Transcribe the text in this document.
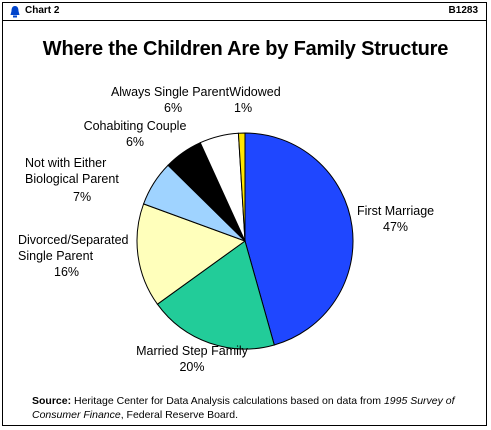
Chart 2	B1283
Where the Children Are by Family Structure
First Marriage
47%
Married Step Family
20%
Divorced/Separated Single Parent
16%
Not with Either Biological Parent
7%
Cohabiting Couple
6%
Always Single Parent
6%
Widowed
1%
Source: Heritage Center for Data Analysis calculations based on data from 1995 Survey of Consumer Finance, Federal Reserve Board.
